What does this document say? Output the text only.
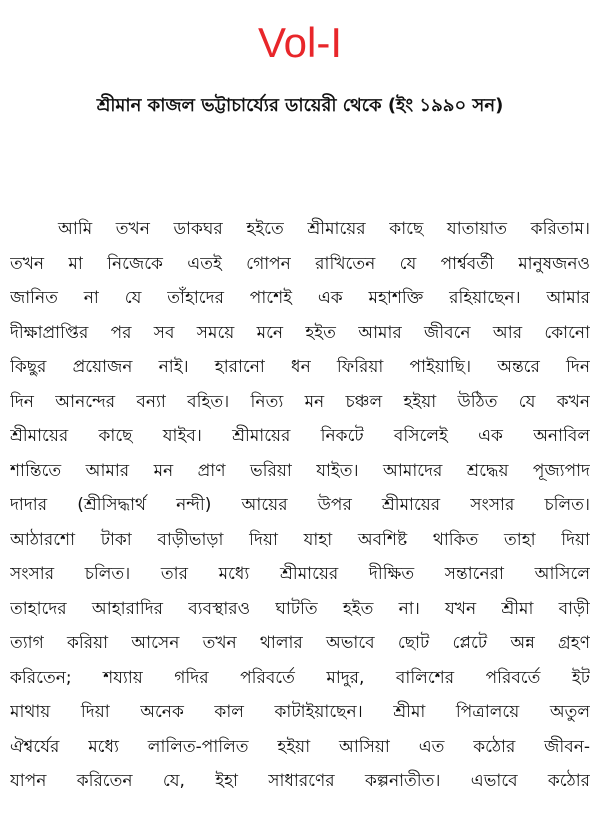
Vol-I
শ্রীমান কাজল ভট্টাচার্য্যের ডায়েরী থেকে (ইং ১৯৯০ সন)
আমি তখন ডাকঘর হইতে শ্রীমায়ের কাছে যাতায়াত করিতাম।
তখন মা নিজেকে এতই গোপন রাখিতেন যে পার্শ্ববর্তী মানুষজনও
জানিত না যে তাঁহাদের পাশেই এক মহাশক্তি রহিয়াছেন। আমার
দীক্ষাপ্রাপ্তির পর সব সময়ে মনে হইত আমার জীবনে আর কোনো
কিছুর প্রয়োজন নাই। হারানো ধন ফিরিয়া পাইয়াছি। অন্তরে দিন
দিন আনন্দের বন্যা বহিত। নিত্য মন চঞ্চল হইয়া উঠিত যে কখন
শ্রীমায়ের কাছে যাইব। শ্রীমায়ের নিকটে বসিলেই এক অনাবিল
শান্তিতে আমার মন প্রাণ ভরিয়া যাইত। আমাদের শ্রদ্ধেয় পূজ্যপাদ
দাদার (শ্রীসিদ্ধার্থ নন্দী) আয়ের উপর শ্রীমায়ের সংসার চলিত।
আঠারশো টাকা বাড়ীভাড়া দিয়া যাহা অবশিষ্ট থাকিত তাহা দিয়া
সংসার চলিত। তার মধ্যে শ্রীমায়ের দীক্ষিত সন্তানেরা আসিলে
তাহাদের আহারাদির ব্যবস্থারও ঘাটতি হইত না। যখন শ্রীমা বাড়ী
ত্যাগ করিয়া আসেন তখন থালার অভাবে ছোট প্লেটে অন্ন গ্রহণ
করিতেন; শয্যায় গদির পরিবর্তে মাদুর, বালিশের পরিবর্তে ইট
মাথায় দিয়া অনেক কাল কাটাইয়াছেন। শ্রীমা পিত্রালয়ে অতুল
ঐশ্বর্যের মধ্যে লালিত-পালিত হইয়া আসিয়া এত কঠোর জীবন-
যাপন করিতেন যে, ইহা সাধারণের কল্পনাতীত। এভাবে কঠোর
